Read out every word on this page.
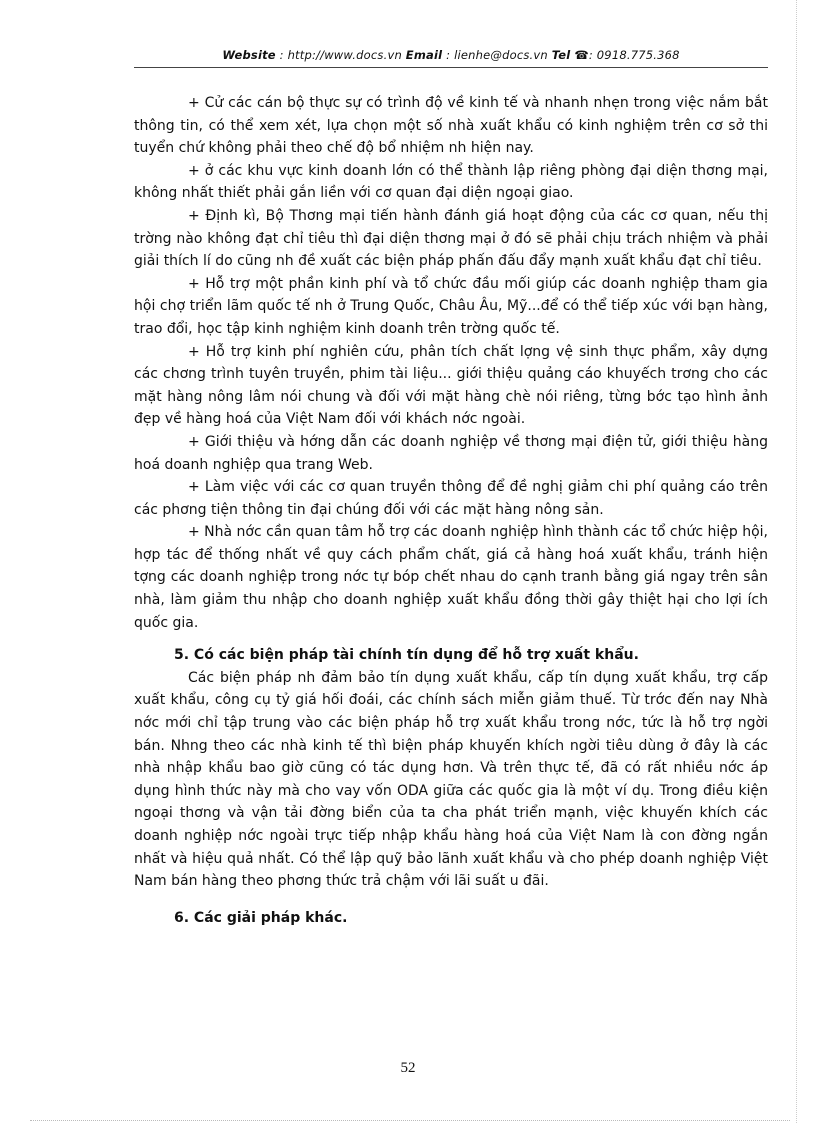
Website : http://www.docs.vn Email : lienhe@docs.vn Tel ☎: 0918.775.368

+ Cử các cán bộ thực sự có trình độ về kinh tế và nhanh nhẹn trong việc nắm bắt thông tin, có thể xem xét, lựa chọn một số nhà xuất khẩu có kinh nghiệm trên cơ sở thi tuyển chứ không phải theo chế độ bổ nhiệm nh hiện nay.

+ ở các khu vực kinh doanh lớn có thể thành lập riêng phòng đại diện thơng mại, không nhất thiết phải gắn liền với cơ quan đại diện ngoại giao.

+ Định kì, Bộ Thơng mại tiến hành đánh giá hoạt động của các cơ quan, nếu thị trờng nào không đạt chỉ tiêu thì đại diện thơng mại ở đó sẽ phải chịu trách nhiệm và phải giải thích lí do cũng nh đề xuất các biện pháp phấn đấu đẩy mạnh xuất khẩu đạt chỉ tiêu.

+ Hỗ trợ một phần kinh phí và tổ chức đầu mối giúp các doanh nghiệp tham gia hội chợ triển lãm quốc tế nh ở Trung Quốc, Châu Âu, Mỹ...để có thể tiếp xúc với bạn hàng, trao đổi, học tập kinh nghiệm kinh doanh trên trờng quốc tế.

+ Hỗ trợ kinh phí nghiên cứu, phân tích chất lợng vệ sinh thực phẩm, xây dựng các chơng trình tuyên truyền, phim tài liệu... giới thiệu quảng cáo khuyếch trơng cho các mặt hàng nông lâm nói chung và đối với mặt hàng chè nói riêng, từng bớc tạo hình ảnh đẹp về hàng hoá của Việt Nam đối với khách nớc ngoài.

+ Giới thiệu và hớng dẫn các doanh nghiệp về thơng mại điện tử, giới thiệu hàng hoá doanh nghiệp qua trang Web.

+ Làm việc với các cơ quan truyền thông để đề nghị giảm chi phí quảng cáo trên các phơng tiện thông tin đại chúng đối với các mặt hàng nông sản.

+ Nhà nớc cần quan tâm hỗ trợ các doanh nghiệp hình thành các tổ chức hiệp hội, hợp tác để thống nhất về quy cách phẩm chất, giá cả hàng hoá xuất khẩu, tránh hiện tợng các doanh nghiệp trong nớc tự bóp chết nhau do cạnh tranh bằng giá ngay trên sân nhà, làm giảm thu nhập cho doanh nghiệp xuất khẩu đồng thời gây thiệt hại cho lợi ích quốc gia.

5. Có các biện pháp tài chính tín dụng để hỗ trợ xuất khẩu.

Các biện pháp nh đảm bảo tín dụng xuất khẩu, cấp tín dụng xuất khẩu, trợ cấp xuất khẩu, công cụ tỷ giá hối đoái, các chính sách miễn giảm thuế. Từ trớc đến nay Nhà nớc mới chỉ tập trung vào các biện pháp hỗ trợ xuất khẩu trong nớc, tức là hỗ trợ ngời bán. Nhng theo các nhà kinh tế thì biện pháp khuyến khích ngời tiêu dùng ở đây là các nhà nhập khẩu bao giờ cũng có tác dụng hơn. Và trên thực tế, đã có rất nhiều nớc áp dụng hình thức này mà cho vay vốn ODA giữa các quốc gia là một ví dụ. Trong điều kiện ngoại thơng và vận tải đờng biển của ta cha phát triển mạnh, việc khuyến khích các doanh nghiệp nớc ngoài trực tiếp nhập khẩu hàng hoá của Việt Nam là con đờng ngắn nhất và hiệu quả nhất. Có thể lập quỹ bảo lãnh xuất khẩu và cho phép doanh nghiệp Việt Nam bán hàng theo phơng thức trả chậm với lãi suất u đãi.

6. Các giải pháp khác.
52
